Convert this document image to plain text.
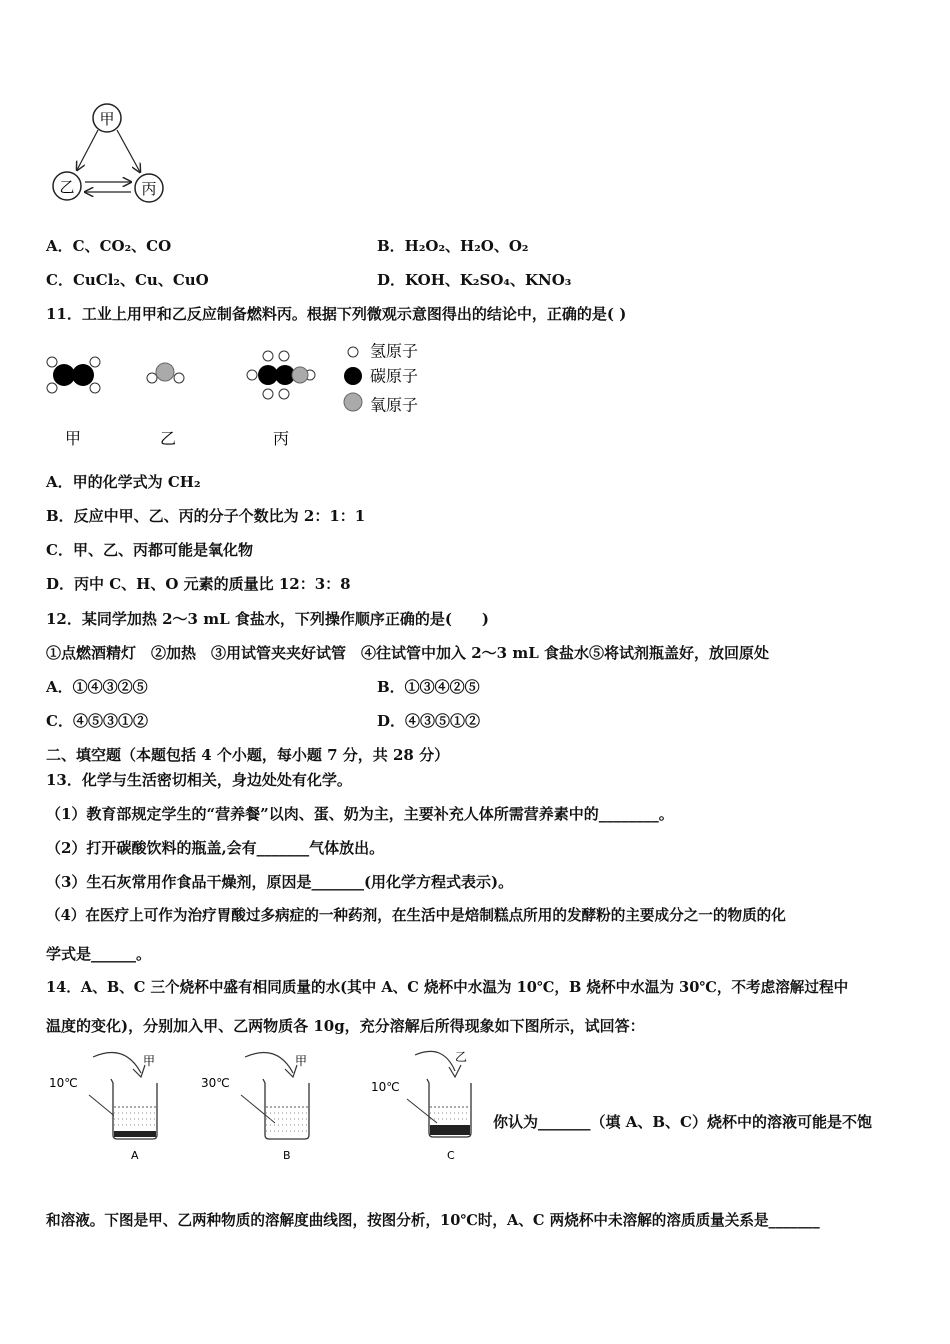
甲
乙	丙
A．C、CO₂、CO	B．H₂O₂、H₂O、O₂
C．CuCl₂、Cu、CuO	D．KOH、K₂SO₄、KNO₃
11．工业上用甲和乙反应制备燃料丙。根据下列微观示意图得出的结论中，正确的是( )
氢原子
碳原子
氧原子
甲	乙	丙
A．甲的化学式为 CH₂
B．反应中甲、乙、丙的分子个数比为 2：1：1
C．甲、乙、丙都可能是氧化物
D．丙中 C、H、O 元素的质量比 12：3：8
12．某同学加热 2～3 mL 食盐水，下列操作顺序正确的是(　　)
①点燃酒精灯　②加热　③用试管夹夹好试管　④往试管中加入 2～3 mL 食盐水⑤将试剂瓶盖好，放回原处
A．①④③②⑤	B．①③④②⑤
C．④⑤③①②	D．④③⑤①②
二、填空题（本题包括 4 个小题，每小题 7 分，共 28 分）
13．化学与生活密切相关，身边处处有化学。
（1）教育部规定学生的“营养餐”以肉、蛋、奶为主，主要补充人体所需营养素中的________。
（2）打开碳酸饮料的瓶盖,会有_______气体放出。
（3）生石灰常用作食品干燥剂，原因是_______(用化学方程式表示)。
（4）在医疗上可作为治疗胃酸过多病症的一种药剂，在生活中是焙制糕点所用的发酵粉的主要成分之一的物质的化
学式是______。
14．A、B、C 三个烧杯中盛有相同质量的水(其中 A、C 烧杯中水温为 10℃，B 烧杯中水温为 30℃，不考虑溶解过程中
温度的变化)，分别加入甲、乙两物质各 10g，充分溶解后所得现象如下图所示，试回答：
10℃
甲
A
30℃
甲
B
10℃
乙
C
你认为_______（填 A、B、C）烧杯中的溶液可能是不饱
和溶液。下图是甲、乙两种物质的溶解度曲线图，按图分析，10℃时，A、C 两烧杯中未溶解的溶质质量关系是_______
